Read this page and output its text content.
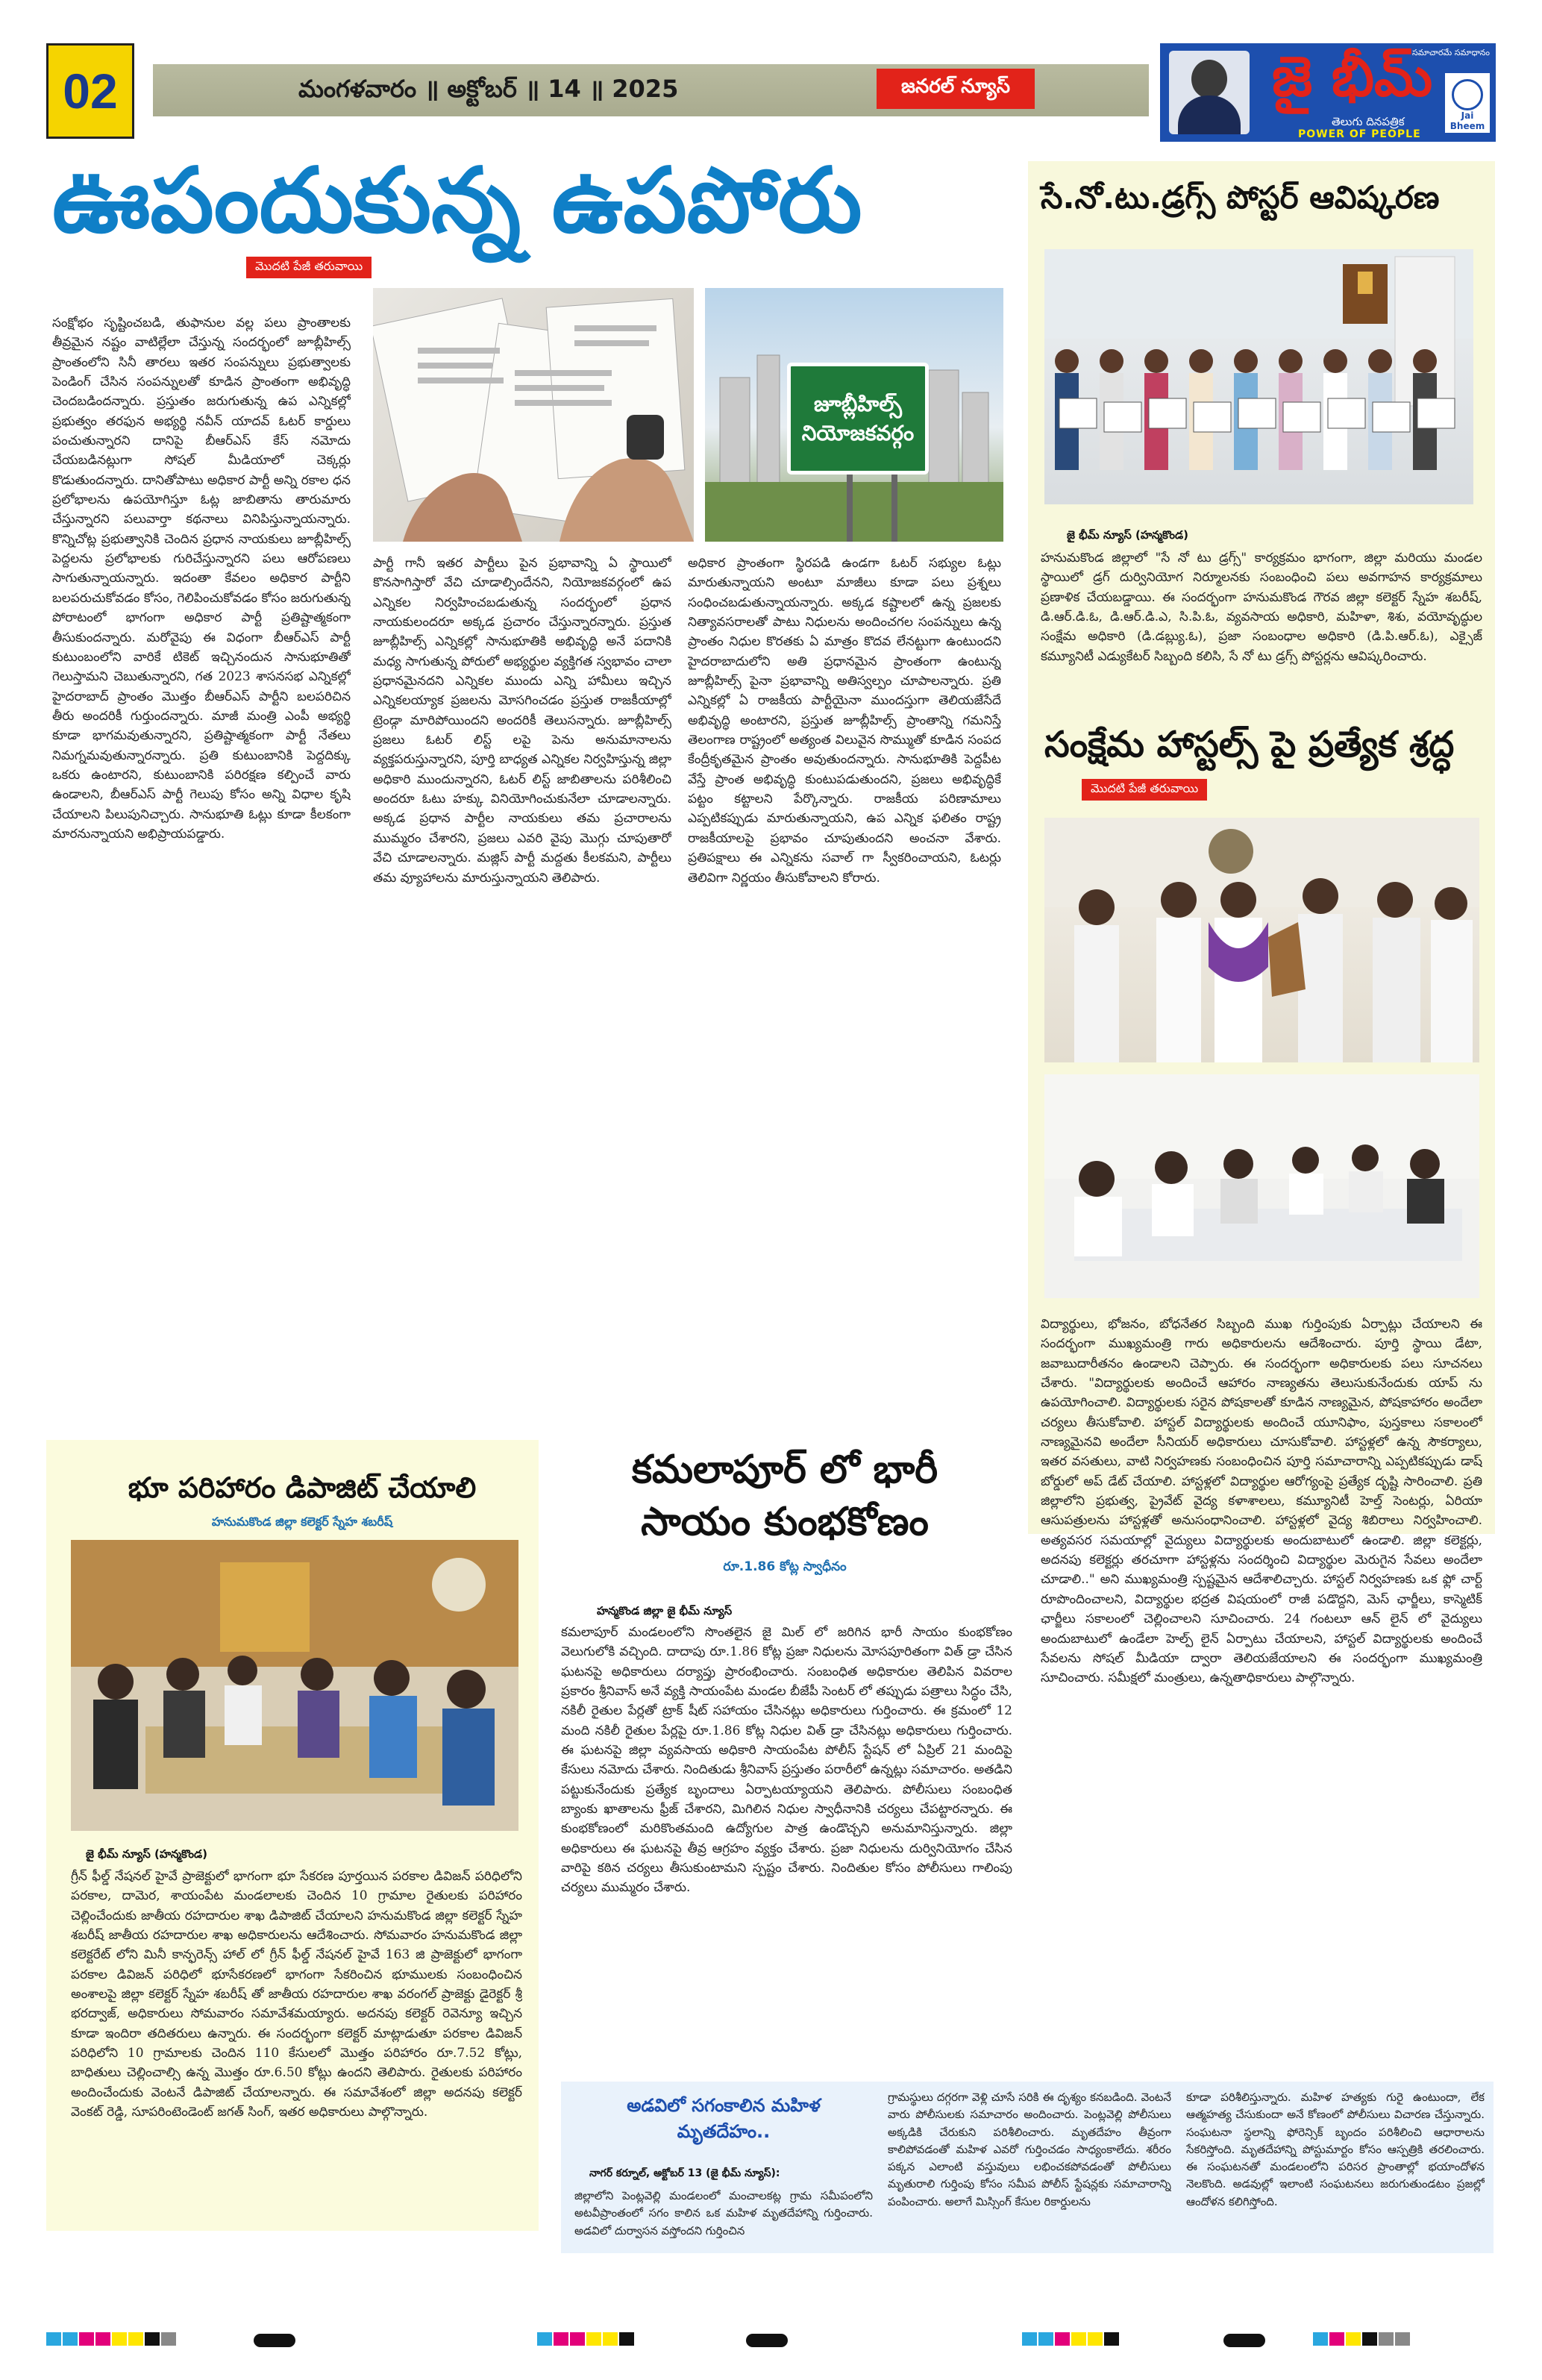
02	మంగళవారం ॥ అక్టోబర్ ॥ 14 ॥ 2025	జనరల్ న్యూస్	జై భీమ్
తెలుగు దినపత్రిక
POWER OF PEOPLE
సమాచారమే సమాధానం
Jai Bheem
ఊపందుకున్న ఉపపోరు
మొదటి పేజీ తరువాయి
సంక్షోభం సృష్టించబడి, తుఫానుల వల్ల పలు ప్రాంతాలకు తీవ్రమైన నష్టం వాటిల్లేలా చేస్తున్న సందర్భంలో జూబ్లీహిల్స్ ప్రాంతంలోని సినీ తారలు ఇతర సంపన్నులు ప్రభుత్వాలకు పెండింగ్ చేసిన సంపన్నులతో కూడిన ప్రాంతంగా అభివృద్ధి చెందబడిందన్నారు. ప్రస్తుతం జరుగుతున్న ఉప ఎన్నికల్లో ప్రభుత్వం తరఫున అభ్యర్థి నవీన్ యాదవ్ ఓటర్ కార్డులు పంచుతున్నారని దానిపై బీఆర్ఎస్ కేస్ నమోదు చేయబడినట్లుగా సోషల్ మీడియాలో చెక్కర్లు కొడుతుందన్నారు. దానితోపాటు అధికార పార్టీ అన్ని రకాల ధన ప్రలోభాలను ఉపయోగిస్తూ ఓట్ల జాబితాను తారుమారు చేస్తున్నారని పలువార్తా కథనాలు వినిపిస్తున్నాయన్నారు. కొన్నిచోట్ల ప్రభుత్వానికి చెందిన ప్రధాన నాయకులు జూబ్లీహిల్స్ పెద్దలను ప్రలోభాలకు గురిచేస్తున్నారని పలు ఆరోపణలు సాగుతున్నాయన్నారు. ఇదంతా కేవలం అధికార పార్టీని బలపరుచుకోవడం కోసం, గెలిపించుకోవడం కోసం జరుగుతున్న పోరాటంలో భాగంగా అధికార పార్టీ ప్రతిష్టాత్మకంగా తీసుకుందన్నారు. మరోవైపు ఈ విధంగా బీఆర్ఎస్ పార్టీ కుటుంబంలోని వారికే టికెట్ ఇచ్చినందున సానుభూతితో గెలుస్తామని చెబుతున్నారని, గత 2023 శాసనసభ ఎన్నికల్లో హైదరాబాద్ ప్రాంతం మొత్తం బీఆర్ఎస్ పార్టీని బలపరిచిన తీరు అందరికీ గుర్తుందన్నారు. మాజీ మంత్రి ఎంపీ అభ్యర్థి కూడా భాగమవుతున్నారని, ప్రతిష్టాత్మకంగా పార్టీ నేతలు నిమగ్నమవుతున్నారన్నారు. ప్రతి కుటుంబానికి పెద్దదిక్కు ఒకరు ఉంటారని, కుటుంబానికి పరిరక్షణ కల్పించే వారు ఉండాలని, బీఆర్ఎస్ పార్టీ గెలుపు కోసం అన్ని విధాల కృషి చేయాలని పిలుపునిచ్చారు. సానుభూతి ఓట్లు కూడా కీలకంగా మారనున్నాయని అభిప్రాయపడ్డారు.
జూబ్లీహిల్స్ నియోజకవర్గం
పార్టీ గానీ ఇతర పార్టీలు పైన ప్రభావాన్ని ఏ స్థాయిలో కొనసాగిస్తారో వేచి చూడాల్సిందేనని, నియోజకవర్గంలో ఉప ఎన్నికల నిర్వహించబడుతున్న సందర్భంలో ప్రధాన నాయకులందరూ అక్కడ ప్రచారం చేస్తున్నారన్నారు. ప్రస్తుత జూబ్లీహిల్స్ ఎన్నికల్లో సానుభూతికి అభివృద్ధి అనే పదానికి మధ్య సాగుతున్న పోరులో అభ్యర్థుల వ్యక్తిగత స్వభావం చాలా ప్రధానమైనదని ఎన్నికల ముందు ఎన్ని హామీలు ఇచ్చిన ఎన్నికలయ్యాక ప్రజలను మోసగించడం ప్రస్తుత రాజకీయాల్లో ట్రెండ్గా మారిపోయిందని అందరికీ తెలుసన్నారు. జూబ్లీహిల్స్ ప్రజలు ఓటర్ లిస్ట్ లపై పెను అనుమానాలను వ్యక్తపరుస్తున్నారని, పూర్తి బాధ్యత ఎన్నికల నిర్వహిస్తున్న జిల్లా అధికారి ముందున్నారని, ఓటర్ లిస్ట్ జాబితాలను పరిశీలించి అందరూ ఓటు హక్కు వినియోగించుకునేలా చూడాలన్నారు. అక్కడ ప్రధాన పార్టీల నాయకులు తమ ప్రచారాలను ముమ్మరం చేశారని, ప్రజలు ఎవరి వైపు మొగ్గు చూపుతారో వేచి చూడాలన్నారు. మజ్లిస్ పార్టీ మద్దతు కీలకమని, పార్టీలు తమ వ్యూహాలను మారుస్తున్నాయని తెలిపారు.
అధికార ప్రాంతంగా స్థిరపడి ఉండగా ఓటర్ సభ్యుల ఓట్లు మారుతున్నాయని అంటూ మాజీలు కూడా పలు ప్రశ్నలు సంధించబడుతున్నాయన్నారు. అక్కడ కష్టాలలో ఉన్న ప్రజలకు నిత్యావసరాలతో పాటు నిధులను అందించగల సంపన్నులు ఉన్న ప్రాంతం నిధుల కొరతకు ఏ మాత్రం కొదవ లేనట్టుగా ఉంటుందని హైదరాబాదులోని అతి ప్రధానమైన ప్రాంతంగా ఉంటున్న జూబ్లీహిల్స్ పైనా ప్రభావాన్ని అతిస్వల్పం చూపాలన్నారు. ప్రతి ఎన్నికల్లో ఏ రాజకీయ పార్టీయైనా ముందస్తుగా తెలియజేసేదే అభివృద్ధి అంటారని, ప్రస్తుత జూబ్లీహిల్స్ ప్రాంతాన్ని గమనిస్తే తెలంగాణ రాష్ట్రంలో అత్యంత విలువైన సొమ్ముతో కూడిన సంపద కేంద్రీకృతమైన ప్రాంతం అవుతుందన్నారు. సానుభూతికి పెద్దపీట వేస్తే ప్రాంత అభివృద్ధి కుంటుపడుతుందని, ప్రజలు అభివృద్ధికే పట్టం కట్టాలని పేర్కొన్నారు. రాజకీయ పరిణామాలు ఎప్పటికప్పుడు మారుతున్నాయని, ఉప ఎన్నిక ఫలితం రాష్ట్ర రాజకీయాలపై ప్రభావం చూపుతుందని అంచనా వేశారు. ప్రతిపక్షాలు ఈ ఎన్నికను సవాల్ గా స్వీకరించాయని, ఓటర్లు తెలివిగా నిర్ణయం తీసుకోవాలని కోరారు.
సే.నో.టు.డ్రగ్స్ పోస్టర్ ఆవిష్కరణ
జై భీమ్ న్యూస్ (హన్మకొండ)
హనుమకొండ జిల్లాలో "సే నో టు డ్రగ్స్" కార్యక్రమం భాగంగా, జిల్లా మరియు మండల స్థాయిలో డ్రగ్ దుర్వినియోగ నిర్మూలనకు సంబంధించి పలు అవగాహన కార్యక్రమాలు ప్రణాళిక చేయబడ్డాయి. ఈ సందర్భంగా హనుమకొండ గౌరవ జిల్లా కలెక్టర్ స్నేహ శబరీష్, డి.ఆర్.డి.ఓ, డి.ఆర్.డి.ఎ, సి.పి.ఓ, వ్యవసాయ అధికారి, మహిళా, శిశు, వయోవృద్ధుల సంక్షేమ అధికారి (డి.డబ్ల్యు.ఓ), ప్రజా సంబంధాల అధికారి (డి.పి.ఆర్.ఓ), ఎక్సైజ్ కమ్యూనిటీ ఎడ్యుకేటర్ సిబ్బంది కలిసి, సే నో టు డ్రగ్స్ పోస్టర్లను ఆవిష్కరించారు.
సంక్షేమ హాస్టల్స్ పై ప్రత్యేక శ్రద్ధ
మొదటి పేజీ తరువాయి
విద్యార్థులు, భోజనం, బోధనేతర సిబ్బంది ముఖ గుర్తింపుకు ఏర్పాట్లు చేయాలని ఈ సందర్భంగా ముఖ్యమంత్రి గారు అధికారులను ఆదేశించారు. పూర్తి స్థాయి డేటా, జవాబుదారీతనం ఉండాలని చెప్పారు. ఈ సందర్భంగా అధికారులకు పలు సూచనలు చేశారు. "విద్యార్థులకు అందించే ఆహారం నాణ్యతను తెలుసుకునేందుకు యాప్ ను ఉపయోగించాలి. విద్యార్థులకు సరైన పోషకాలతో కూడిన నాణ్యమైన, పోషకాహారం అందేలా చర్యలు తీసుకోవాలి. హాస్టల్ విద్యార్థులకు అందించే యూనిఫాం, పుస్తకాలు సకాలంలో నాణ్యమైనవి అందేలా సీనియర్ అధికారులు చూసుకోవాలి. హాస్టళ్లలో ఉన్న సౌకర్యాలు, ఇతర వసతులు, వాటి నిర్వహణకు సంబంధించిన పూర్తి సమాచారాన్ని ఎప్పటికప్పుడు డాష్ బోర్డులో అప్ డేట్ చేయాలి. హాస్టళ్లలో విద్యార్థుల ఆరోగ్యంపై ప్రత్యేక దృష్టి సారించాలి. ప్రతి జిల్లాలోని ప్రభుత్వ, ప్రైవేట్ వైద్య కళాశాలలు, కమ్యూనిటీ హెల్త్ సెంటర్లు, ఏరియా ఆసుపత్రులను హాస్టళ్లతో అనుసంధానించాలి. హాస్టళ్లలో వైద్య శిబిరాలు నిర్వహించాలి. అత్యవసర సమయాల్లో వైద్యులు విద్యార్థులకు అందుబాటులో ఉండాలి. జిల్లా కలెక్టర్లు, అదనపు కలెక్టర్లు తరచూగా హాస్టళ్లను సందర్శించి విద్యార్థుల మెరుగైన సేవలు అందేలా చూడాలి.." అని ముఖ్యమంత్రి స్పష్టమైన ఆదేశాలిచ్చారు. హాస్టల్ నిర్వహణకు ఒక ఫ్లో చార్ట్ రూపొందించాలని, విద్యార్థుల భద్రత విషయంలో రాజీ పడొద్దని, మెస్ ఛార్జీలు, కాస్మెటిక్ ఛార్జీలు సకాలంలో చెల్లించాలని సూచించారు. 24 గంటలూ ఆన్ లైన్ లో వైద్యులు అందుబాటులో ఉండేలా హెల్ప్ లైన్ ఏర్పాటు చేయాలని, హాస్టల్ విద్యార్థులకు అందించే సేవలను సోషల్ మీడియా ద్వారా తెలియజేయాలని ఈ సందర్భంగా ముఖ్యమంత్రి సూచించారు. సమీక్షలో మంత్రులు, ఉన్నతాధికారులు పాల్గొన్నారు.
భూ పరిహారం డిపాజిట్ చేయాలి
హనుమకొండ జిల్లా కలెక్టర్ స్నేహ శబరీష్
జై భీమ్ న్యూస్ (హన్మకొండ)
గ్రీన్ ఫీల్డ్ నేషనల్ హైవే ప్రాజెక్టులో భాగంగా భూ సేకరణ పూర్తయిన పరకాల డివిజన్ పరిధిలోని పరకాల, దామెర, శాయంపేట మండలాలకు చెందిన 10 గ్రామాల రైతులకు పరిహారం చెల్లించేందుకు జాతీయ రహదారుల శాఖ డిపాజిట్ చేయాలని హనుమకొండ జిల్లా కలెక్టర్ స్నేహ శబరీష్ జాతీయ రహదారుల శాఖ అధికారులను ఆదేశించారు. సోమవారం హనుమకొండ జిల్లా కలెక్టరేట్ లోని మినీ కాన్ఫరెన్స్ హాల్ లో గ్రీన్ ఫీల్డ్ నేషనల్ హైవే 163 జి ప్రాజెక్టులో భాగంగా పరకాల డివిజన్ పరిధిలో భూసేకరణలో భాగంగా సేకరించిన భూములకు సంబంధించిన అంశాలపై జిల్లా కలెక్టర్ స్నేహ శబరీష్ తో జాతీయ రహదారుల శాఖ వరంగల్ ప్రాజెక్టు డైరెక్టర్ శ్రీ భరద్వాజ్, అధికారులు సోమవారం సమావేశమయ్యారు. అదనపు కలెక్టర్ రెవెన్యూ ఇచ్చిన కూడా ఇందిరా తదితరులు ఉన్నారు. ఈ సందర్భంగా కలెక్టర్ మాట్లాడుతూ పరకాల డివిజన్ పరిధిలోని 10 గ్రామాలకు చెందిన 110 కేసులలో మొత్తం పరిహారం రూ.7.52 కోట్లు, బాధితులు చెల్లించాల్సి ఉన్న మొత్తం రూ.6.50 కోట్లు ఉందని తెలిపారు. రైతులకు పరిహారం అందించేందుకు వెంటనే డిపాజిట్ చేయాలన్నారు. ఈ సమావేశంలో జిల్లా అదనపు కలెక్టర్ వెంకట్ రెడ్డి, సూపరింటెండెంట్ జగత్ సింగ్, ఇతర అధికారులు పాల్గొన్నారు.
కమలాపూర్ లో భారీ
సాయం కుంభకోణం
రూ.1.86 కోట్ల స్వాధీనం
హన్మకొండ జిల్లా జై భీమ్ న్యూస్
కమలాపూర్ మండలంలోని సొంతలైన జై మిల్ లో జరిగిన భారీ సాయం కుంభకోణం వెలుగులోకి వచ్చింది. దాదాపు రూ.1.86 కోట్ల ప్రజా నిధులను మోసపూరితంగా విత్ డ్రా చేసిన ఘటనపై అధికారులు దర్యాప్తు ప్రారంభించారు. సంబంధిత అధికారుల తెలిపిన వివరాల ప్రకారం శ్రీనివాస్ అనే వ్యక్తి సాయంపేట మండల బీజేపీ సెంటర్ లో తప్పుడు పత్రాలు సిద్ధం చేసి, నకిలీ రైతుల పేర్లతో ట్రాక్ షీట్ సహాయం చేసినట్లు అధికారులు గుర్తించారు. ఈ క్రమంలో 12 మంది నకిలీ రైతుల పేర్లపై రూ.1.86 కోట్ల నిధుల విత్ డ్రా చేసినట్లు అధికారులు గుర్తించారు. ఈ ఘటనపై జిల్లా వ్యవసాయ అధికారి సాయంపేట పోలీస్ స్టేషన్ లో ఏప్రిల్ 21 మందిపై కేసులు నమోదు చేశారు. నిందితుడు శ్రీనివాస్ ప్రస్తుతం పరారీలో ఉన్నట్లు సమాచారం. అతడిని పట్టుకునేందుకు ప్రత్యేక బృందాలు ఏర్పాటయ్యాయని తెలిపారు. పోలీసులు సంబంధిత బ్యాంకు ఖాతాలను ఫ్రీజ్ చేశారని, మిగిలిన నిధుల స్వాధీనానికి చర్యలు చేపట్టారన్నారు. ఈ కుంభకోణంలో మరికొంతమంది ఉద్యోగుల పాత్ర ఉండొచ్చని అనుమానిస్తున్నారు. జిల్లా అధికారులు ఈ ఘటనపై తీవ్ర ఆగ్రహం వ్యక్తం చేశారు. ప్రజా నిధులను దుర్వినియోగం చేసిన వారిపై కఠిన చర్యలు తీసుకుంటామని స్పష్టం చేశారు. నిందితుల కోసం పోలీసులు గాలింపు చర్యలు ముమ్మరం చేశారు.
అడవిలో సగంకాలిన మహిళ
మృతదేహం..
నాగర్ కర్నూల్, అక్టోబర్ 13 (జై భీమ్ న్యూస్):
జిల్లాలోని పెంట్లవెల్లి మండలంలో మంచాలకట్ల గ్రామ సమీపంలోని అటవీప్రాంతంలో సగం కాలిన ఒక మహిళ మృతదేహాన్ని గుర్తించారు. అడవిలో దుర్వాసన వస్తోందని గుర్తించిన
గ్రామస్థులు దగ్గరగా వెళ్లి చూసే సరికి ఈ దృశ్యం కనబడింది. వెంటనే వారు పోలీసులకు సమాచారం అందించారు. పెంట్లవెల్లి పోలీసులు అక్కడికి చేరుకుని పరిశీలించారు. మృతదేహం తీవ్రంగా కాలిపోవడంతో మహిళ ఎవరో గుర్తించడం సాధ్యంకాలేదు. శరీరం పక్కన ఎలాంటి వస్తువులు లభించకపోవడంతో పోలీసులు మృతురాలి గుర్తింపు కోసం సమీప పోలీస్ స్టేషన్లకు సమాచారాన్ని పంపించారు. అలాగే మిస్సింగ్ కేసుల రికార్డులను
కూడా పరిశీలిస్తున్నారు. మహిళ హత్యకు గురై ఉంటుందా, లేక ఆత్మహత్య చేసుకుందా అనే కోణంలో పోలీసులు విచారణ చేస్తున్నారు. సంఘటనా స్థలాన్ని ఫోరెన్సిక్ బృందం పరిశీలించి ఆధారాలను సేకరిస్తోంది. మృతదేహాన్ని పోస్టుమార్టం కోసం ఆస్పత్రికి తరలించారు. ఈ సంఘటనతో మండలంలోని పరిసర ప్రాంతాల్లో భయాందోళన నెలకొంది. అడవుల్లో ఇలాంటి సంఘటనలు జరుగుతుండటం ప్రజల్లో ఆందోళన కలిగిస్తోంది.
